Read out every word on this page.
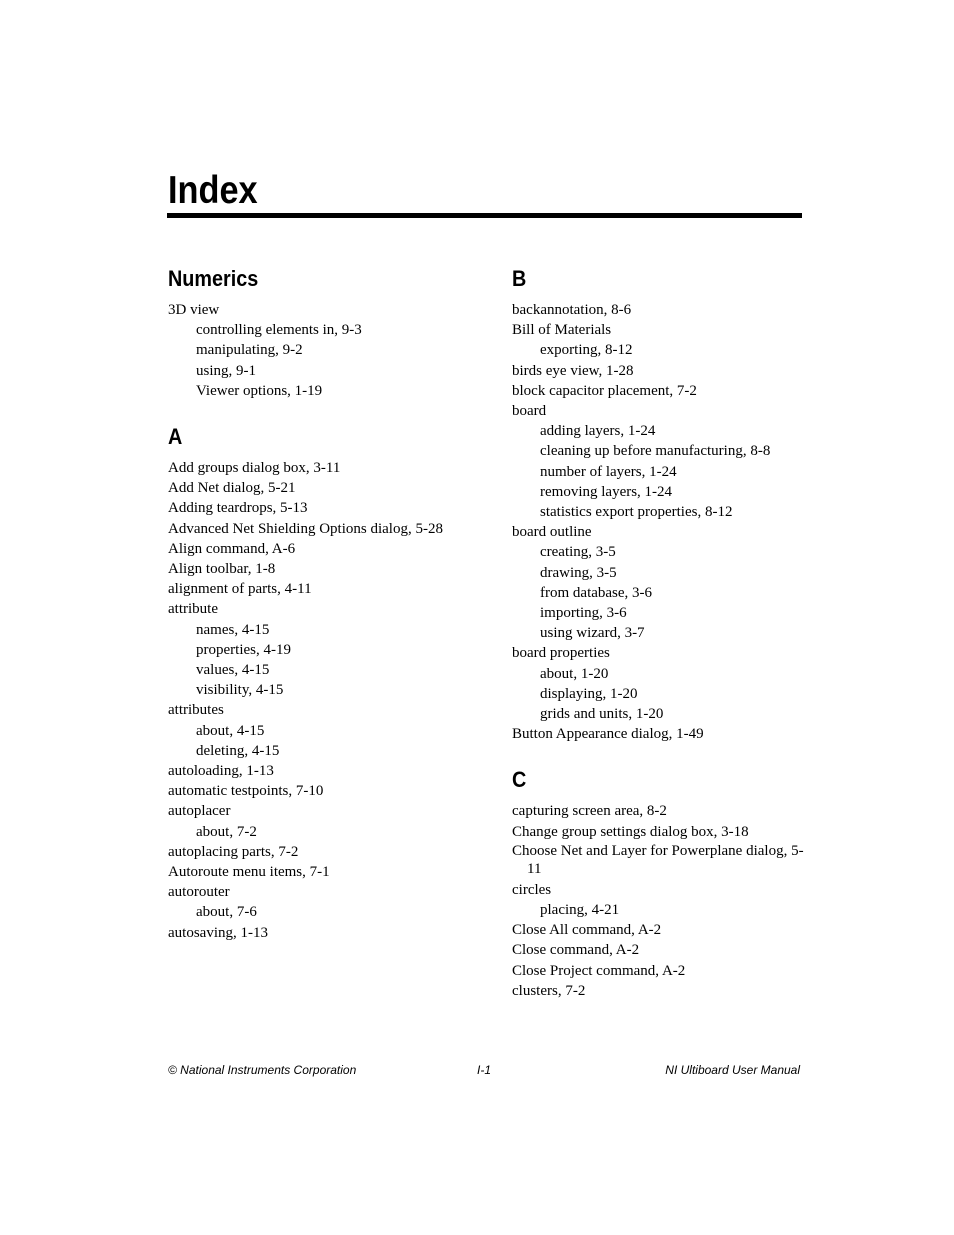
Index
Numerics
3D view
controlling elements in, 9-3
manipulating, 9-2
using, 9-1
Viewer options, 1-19
A
Add groups dialog box, 3-11
Add Net dialog, 5-21
Adding teardrops, 5-13
Advanced Net Shielding Options dialog, 5-28
Align command, A-6
Align toolbar, 1-8
alignment of parts, 4-11
attribute
names, 4-15
properties, 4-19
values, 4-15
visibility, 4-15
attributes
about, 4-15
deleting, 4-15
autoloading, 1-13
automatic testpoints, 7-10
autoplacer
about, 7-2
autoplacing parts, 7-2
Autoroute menu items, 7-1
autorouter
about, 7-6
autosaving, 1-13
B
backannotation, 8-6
Bill of Materials
exporting, 8-12
birds eye view, 1-28
block capacitor placement, 7-2
board
adding layers, 1-24
cleaning up before manufacturing, 8-8
number of layers, 1-24
removing layers, 1-24
statistics export properties, 8-12
board outline
creating, 3-5
drawing, 3-5
from database, 3-6
importing, 3-6
using wizard, 3-7
board properties
about, 1-20
displaying, 1-20
grids and units, 1-20
Button Appearance dialog, 1-49
C
capturing screen area, 8-2
Change group settings dialog box, 3-18
Choose Net and Layer for Powerplane dialog, 5-11
circles
placing, 4-21
Close All command, A-2
Close command, A-2
Close Project command, A-2
clusters, 7-2
© National Instruments Corporation	I-1	NI Ultiboard User Manual
